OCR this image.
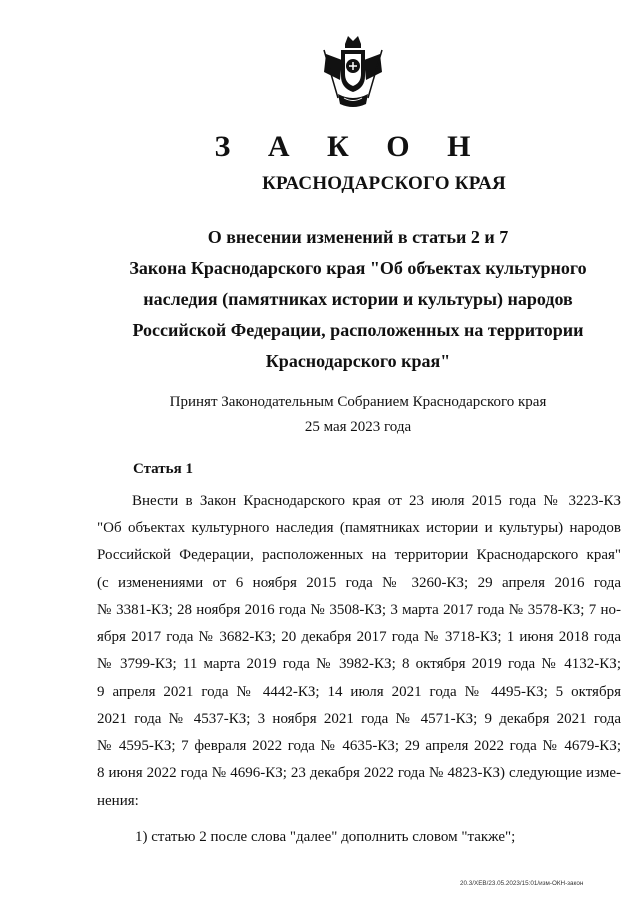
З А К О Н
КРАСНОДАРСКОГО КРАЯ
О внесении изменений в статьи 2 и 7
Закона Краснодарского края "Об объектах культурного
наследия (памятниках истории и культуры) народов
Российской Федерации, расположенных на территории
Краснодарского края"
Принят Законодательным Собранием Краснодарского края
25 мая 2023 года
Статья 1
Внести в Закон Краснодарского края от 23 июля 2015 года № 3223-КЗ
"Об объектах культурного наследия (памятниках истории и культуры) народов
Российской Федерации, расположенных на территории Краснодарского края"
(с изменениями от 6 ноября 2015 года № 3260-КЗ; 29 апреля 2016 года
№ 3381-КЗ; 28 ноября 2016 года № 3508-КЗ; 3 марта 2017 года № 3578-КЗ; 7 но-
ября 2017 года № 3682-КЗ; 20 декабря 2017 года № 3718-КЗ; 1 июня 2018 года
№ 3799-КЗ; 11 марта 2019 года № 3982-КЗ; 8 октября 2019 года № 4132-КЗ;
9 апреля 2021 года № 4442-КЗ; 14 июля 2021 года № 4495-КЗ; 5 октября
2021 года № 4537-КЗ; 3 ноября 2021 года № 4571-КЗ; 9 декабря 2021 года
№ 4595-КЗ; 7 февраля 2022 года № 4635-КЗ; 29 апреля 2022 года № 4679-КЗ;
8 июня 2022 года № 4696-КЗ; 23 декабря 2022 года № 4823-КЗ) следующие изме-
нения:
1) статью 2 после слова "далее" дополнить словом "также";
20.3/ХЕВ/23.05.2023/15:01/изм-ОКН-закон
